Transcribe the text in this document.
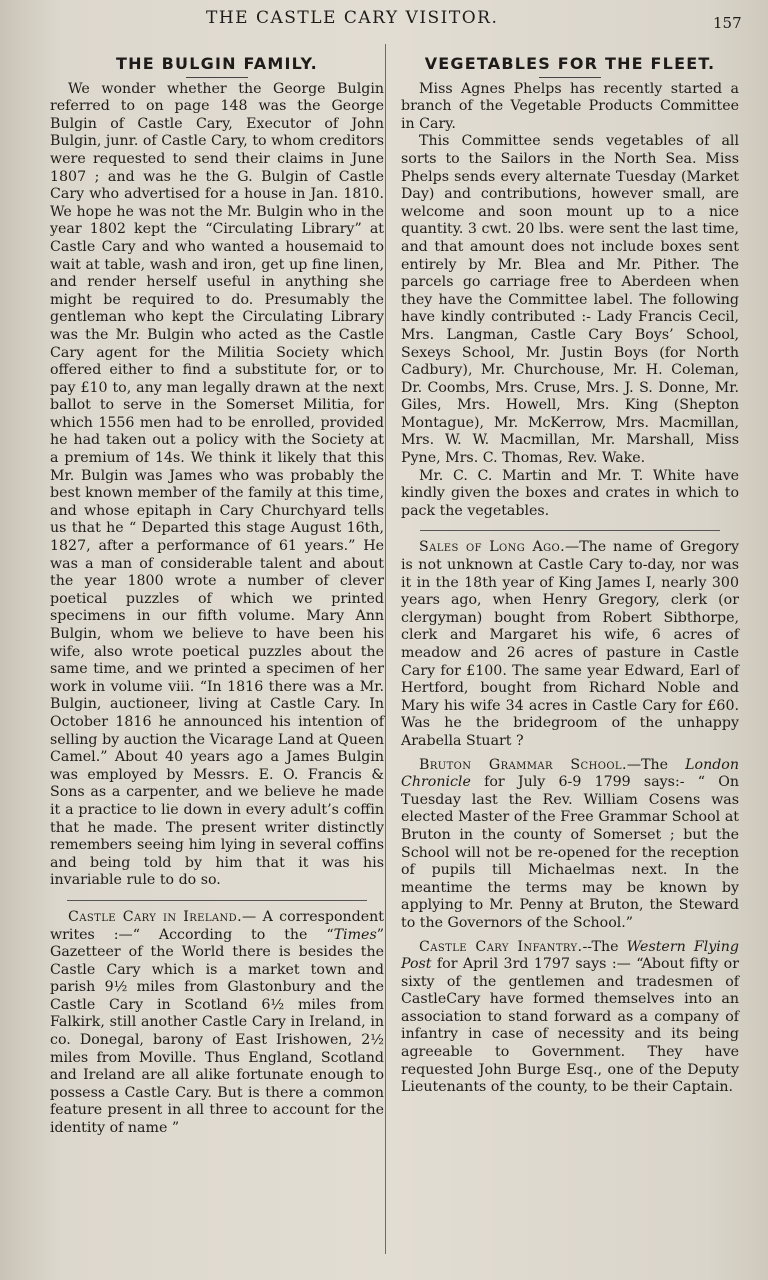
THE CASTLE CARY VISITOR.	157
THE BULGIN FAMILY.

We wonder whether the George Bulgin referred to on page 148 was the George Bulgin of Castle Cary, Executor of John Bulgin, junr. of Castle Cary, to whom creditors were requested to send their claims in June 1807 ; and was he the G. Bulgin of Castle Cary who advertised for a house in Jan. 1810. We hope he was not the Mr. Bulgin who in the year 1802 kept the “Circulating Library” at Castle Cary and who wanted a housemaid to wait at table, wash and iron, get up fine linen, and render herself useful in anything she might be required to do. Presumably the gentleman who kept the Circulating Library was the Mr. Bulgin who acted as the Castle Cary agent for the Militia Society which offered either to find a substitute for, or to pay £10 to, any man legally drawn at the next ballot to serve in the Somerset Militia, for which 1556 men had to be enrolled, provided he had taken out a policy with the Society at a premium of 14s. We think it likely that this Mr. Bulgin was James who was probably the best known member of the family at this time, and whose epitaph in Cary Churchyard tells us that he “ Departed this stage August 16th, 1827, after a performance of 61 years.” He was a man of considerable talent and about the year 1800 wrote a number of clever poetical puzzles of which we printed specimens in our fifth volume. Mary Ann Bulgin, whom we believe to have been his wife, also wrote poetical puzzles about the same time, and we printed a specimen of her work in volume viii. “In 1816 there was a Mr. Bulgin, auctioneer, living at Castle Cary. In October 1816 he announced his intention of selling by auction the Vicarage Land at Queen Camel.” About 40 years ago a James Bulgin was employed by Messrs. E. O. Francis & Sons as a carpenter, and we believe he made it a practice to lie down in every adult’s coffin that he made. The present writer distinctly remembers seeing him lying in several coffins and being told by him that it was his invariable rule to do so.

Castle Cary in Ireland.— A correspondent writes :—“ According to the “Times” Gazetteer of the World there is besides the Castle Cary which is a market town and parish 9½ miles from Glastonbury and the Castle Cary in Scotland 6½ miles from Falkirk, still another Castle Cary in Ireland, in co. Donegal, barony of East Irishowen, 2½ miles from Moville. Thus England, Scotland and Ireland are all alike fortunate enough to possess a Castle Cary. But is there a common feature present in all three to account for the identity of name ”

VEGETABLES FOR THE FLEET.

Miss Agnes Phelps has recently started a branch of the Vegetable Products Committee in Cary.

This Committee sends vegetables of all sorts to the Sailors in the North Sea. Miss Phelps sends every alternate Tuesday (Market Day) and contributions, however small, are welcome and soon mount up to a nice quantity. 3 cwt. 20 lbs. were sent the last time, and that amount does not include boxes sent entirely by Mr. Blea and Mr. Pither. The parcels go carriage free to Aberdeen when they have the Committee label. The following have kindly contributed :- Lady Francis Cecil, Mrs. Langman, Castle Cary Boys’ School, Sexeys School, Mr. Justin Boys (for North Cadbury), Mr. Churchouse, Mr. H. Coleman, Dr. Coombs, Mrs. Cruse, Mrs. J. S. Donne, Mr. Giles, Mrs. Howell, Mrs. King (Shepton Montague), Mr. McKerrow, Mrs. Macmillan, Mrs. W. W. Macmillan, Mr. Marshall, Miss Pyne, Mrs. C. Thomas, Rev. Wake.

Mr. C. C. Martin and Mr. T. White have kindly given the boxes and crates in which to pack the vegetables.

Sales of Long Ago.—The name of Gregory is not unknown at Castle Cary to-day, nor was it in the 18th year of King James I, nearly 300 years ago, when Henry Gregory, clerk (or clergyman) bought from Robert Sibthorpe, clerk and Margaret his wife, 6 acres of meadow and 26 acres of pasture in Castle Cary for £100. The same year Edward, Earl of Hertford, bought from Richard Noble and Mary his wife 34 acres in Castle Cary for £60. Was he the bridegroom of the unhappy Arabella Stuart ?

Bruton Grammar School.—The London Chronicle for July 6-9 1799 says:- “ On Tuesday last the Rev. William Cosens was elected Master of the Free Grammar School at Bruton in the county of Somerset ; but the School will not be re-opened for the reception of pupils till Michaelmas next. In the meantime the terms may be known by applying to Mr. Penny at Bruton, the Steward to the Governors of the School.”

Castle Cary Infantry.--The Western Flying Post for April 3rd 1797 says :— “About fifty or sixty of the gentlemen and tradesmen of CastleCary have formed themselves into an association to stand forward as a company of infantry in case of necessity and its being agreeable to Government. They have requested John Burge Esq., one of the Deputy Lieutenants of the county, to be their Captain.
